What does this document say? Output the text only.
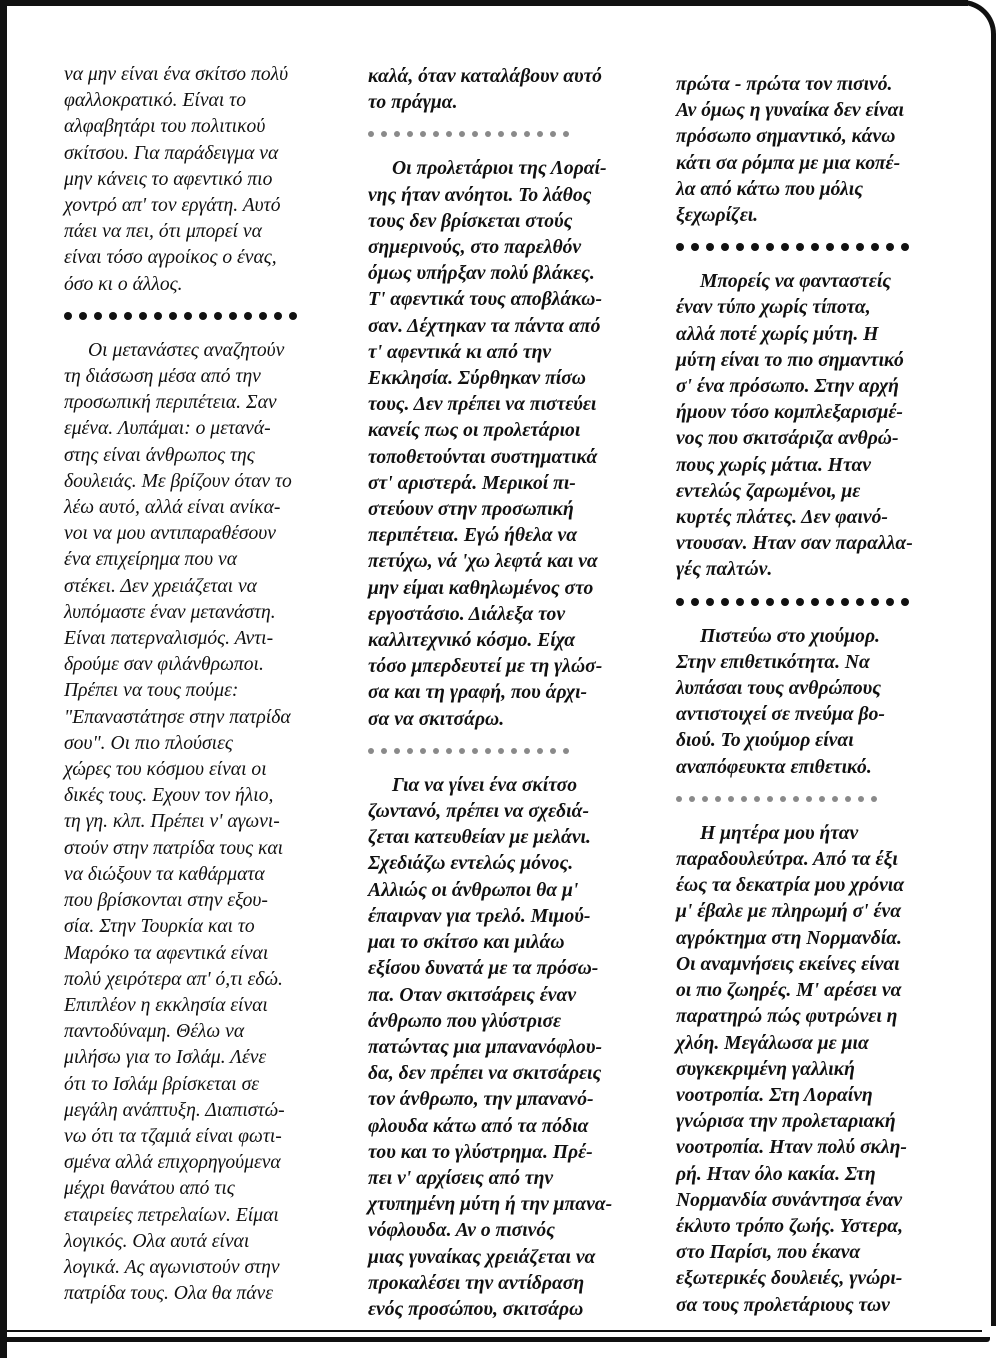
να μην είναι ένα σκίτσο πολύ
φαλλοκρατικό. Είναι το
αλφαβητάρι του πολιτικού
σκίτσου. Για παράδειγμα να
μην κάνεις το αφεντικό πιο
χοντρό απ' τον εργάτη. Αυτό
πάει να πει, ότι μπορεί να
είναι τόσο αγροίκος ο ένας,
όσο κι ο άλλος.

Οι μετανάστες αναζητούν
τη διάσωση μέσα από την
προσωπική περιπέτεια. Σαν
εμένα. Λυπάμαι: ο μετανά-
στης είναι άνθρωπος της
δουλειάς. Με βρίζουν όταν το
λέω αυτό, αλλά είναι ανίκα-
νοι να μου αντιπαραθέσουν
ένα επιχείρημα που να
στέκει. Δεν χρειάζεται να
λυπόμαστε έναν μετανάστη.
Είναι πατερναλισμός. Αντι-
δρούμε σαν φιλάνθρωποι.
Πρέπει να τους πούμε:
"Επαναστάτησε στην πατρίδα
σου". Οι πιο πλούσιες
χώρες του κόσμου είναι οι
δικές τους. Εχουν τον ήλιο,
τη γη. κλπ. Πρέπει ν' αγωνι-
στούν στην πατρίδα τους και
να διώξουν τα καθάρματα
που βρίσκονται στην εξου-
σία. Στην Τουρκία και το
Μαρόκο τα αφεντικά είναι
πολύ χειρότερα απ' ό,τι εδώ.
Επιπλέον η εκκλησία είναι
παντοδύναμη. Θέλω να
μιλήσω για το Ισλάμ. Λένε
ότι το Ισλάμ βρίσκεται σε
μεγάλη ανάπτυξη. Διαπιστώ-
νω ότι τα τζαμιά είναι φωτι-
σμένα αλλά επιχορηγούμενα
μέχρι θανάτου από τις
εταιρείες πετρελαίων. Είμαι
λογικός. Ολα αυτά είναι
λογικά. Ας αγωνιστούν στην
πατρίδα τους. Ολα θα πάνε

καλά, όταν καταλάβουν αυτό
το πράγμα.

Οι προλετάριοι της Λοραί-
νης ήταν ανόητοι. Το λάθος
τους δεν βρίσκεται στούς
σημερινούς, στο παρελθόν
όμως υπήρξαν πολύ βλάκες.
Τ' αφεντικά τους αποβλάκω-
σαν. Δέχτηκαν τα πάντα από
τ' αφεντικά κι από την
Εκκλησία. Σύρθηκαν πίσω
τους. Δεν πρέπει να πιστεύει
κανείς πως οι προλετάριοι
τοποθετούνται συστηματικά
στ' αριστερά. Μερικοί πι-
στεύουν στην προσωπική
περιπέτεια. Εγώ ήθελα να
πετύχω, νά 'χω λεφτά και να
μην είμαι καθηλωμένος στο
εργοστάσιο. Διάλεξα τον
καλλιτεχνικό κόσμο. Είχα
τόσο μπερδευτεί με τη γλώσ-
σα και τη γραφή, που άρχι-
σα να σκιτσάρω.

Για να γίνει ένα σκίτσο
ζωντανό, πρέπει να σχεδιά-
ζεται κατευθείαν με μελάνι.
Σχεδιάζω εντελώς μόνος.
Αλλιώς οι άνθρωποι θα μ'
έπαιρναν για τρελό. Μιμού-
μαι το σκίτσο και μιλάω
εξίσου δυνατά με τα πρόσω-
πα. Οταν σκιτσάρεις έναν
άνθρωπο που γλύστρισε
πατώντας μια μπανανόφλου-
δα, δεν πρέπει να σκιτσάρεις
τον άνθρωπο, την μπανανό-
φλουδα κάτω από τα πόδια
του και το γλύστρημα. Πρέ-
πει ν' αρχίσεις από την
χτυπημένη μύτη ή την μπανα-
νόφλουδα. Αν ο πισινός
μιας γυναίκας χρειάζεται να
προκαλέσει την αντίδραση
ενός προσώπου, σκιτσάρω

πρώτα - πρώτα τον πισινό.
Αν όμως η γυναίκα δεν είναι
πρόσωπο σημαντικό, κάνω
κάτι σα ρόμπα με μια κοπέ-
λα από κάτω που μόλις
ξεχωρίζει.

Μπορείς να φανταστείς
έναν τύπο χωρίς τίποτα,
αλλά ποτέ χωρίς μύτη. Η
μύτη είναι το πιο σημαντικό
σ' ένα πρόσωπο. Στην αρχή
ήμουν τόσο κομπλεξαρισμέ-
νος που σκιτσάριζα ανθρώ-
πους χωρίς μάτια. Ηταν
εντελώς ζαρωμένοι, με
κυρτές πλάτες. Δεν φαινό-
ντουσαν. Ηταν σαν παραλλα-
γές παλτών.

Πιστεύω στο χιούμορ.
Στην επιθετικότητα. Να
λυπάσαι τους ανθρώπους
αντιστοιχεί σε πνεύμα βο-
διού. Το χιούμορ είναι
αναπόφευκτα επιθετικό.

Η μητέρα μου ήταν
παραδουλεύτρα. Από τα έξι
έως τα δεκατρία μου χρόνια
μ' έβαλε με πληρωμή σ' ένα
αγρόκτημα στη Νορμανδία.
Οι αναμνήσεις εκείνες είναι
οι πιο ζωηρές. Μ' αρέσει να
παρατηρώ πώς φυτρώνει η
χλόη. Μεγάλωσα με μια
συγκεκριμένη γαλλική
νοοτροπία. Στη Λοραίνη
γνώρισα την προλεταριακή
νοοτροπία. Ηταν πολύ σκλη-
ρή. Ηταν όλο κακία. Στη
Νορμανδία συνάντησα έναν
έκλυτο τρόπο ζωής. Υστερα,
στο Παρίσι, που έκανα
εξωτερικές δουλειές, γνώρι-
σα τους προλετάριους των
